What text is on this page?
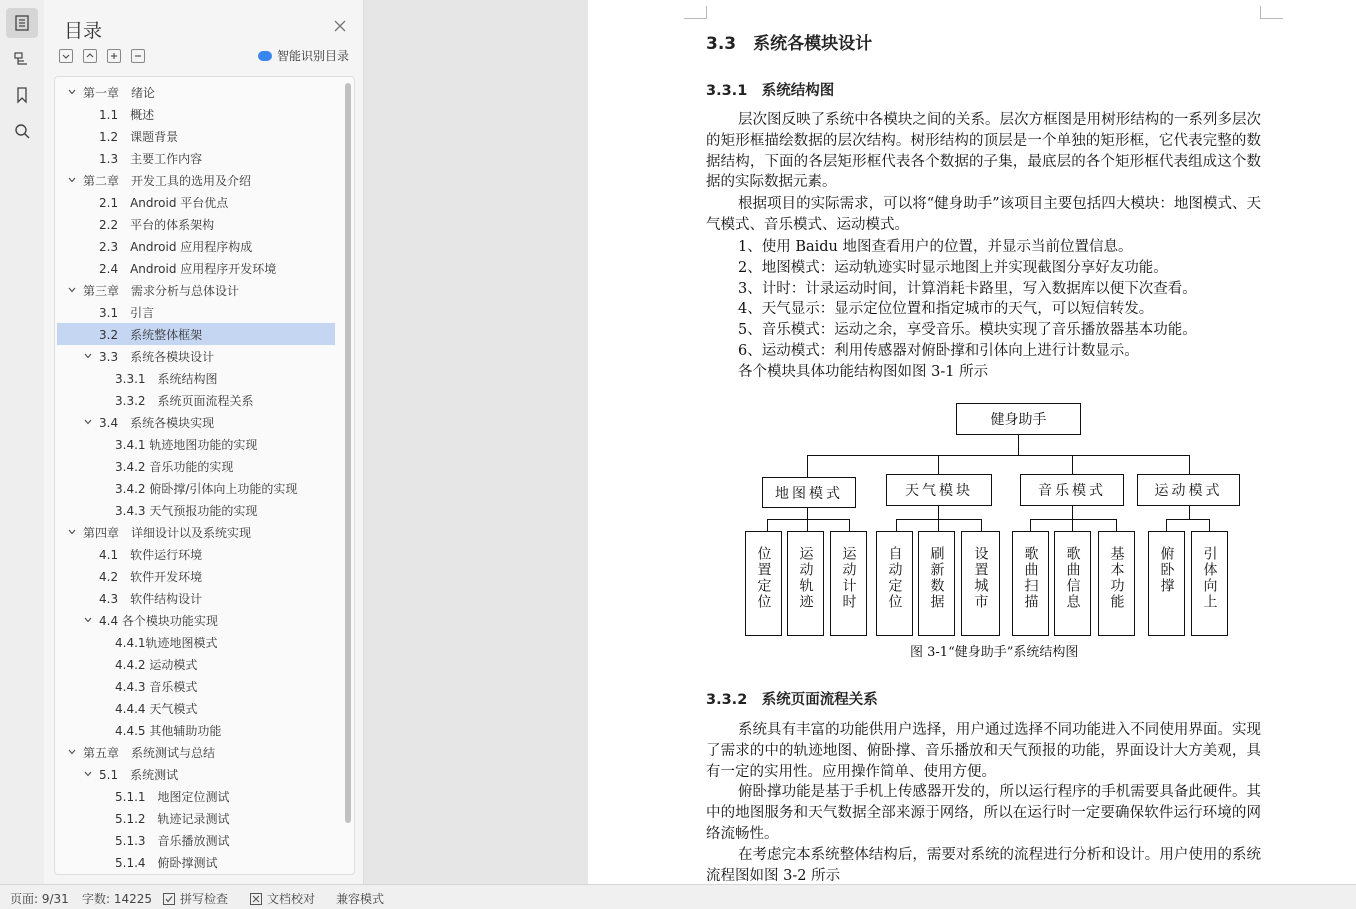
目录
智能识别目录
第一章　绪论
1.1　概述
1.2　课题背景
1.3　主要工作内容
第二章　开发工具的选用及介绍
2.1　Android 平台优点
2.2　平台的体系架构
2.3　Android 应用程序构成
2.4　Android 应用程序开发环境
第三章　需求分析与总体设计
3.1　引言
3.2　系统整体框架
3.3　系统各模块设计
3.3.1　系统结构图
3.3.2　系统页面流程关系
3.4　系统各模块实现
3.4.1 轨迹地图功能的实现
3.4.2 音乐功能的实现
3.4.2 俯卧撑/引体向上功能的实现
3.4.3 天气预报功能的实现
第四章　详细设计以及系统实现
4.1　软件运行环境
4.2　软件开发环境
4.3　软件结构设计
4.4 各个模块功能实现
4.4.1轨迹地图模式
4.4.2 运动模式
4.4.3 音乐模式
4.4.4 天气模式
4.4.5 其他辅助功能
第五章　系统测试与总结
5.1　系统测试
5.1.1　地图定位测试
5.1.2　轨迹记录测试
5.1.3　音乐播放测试
5.1.4　俯卧撑测试
3.3　系统各模块设计
3.3.1　系统结构图
层次图反映了系统中各模块之间的关系。层次方框图是用树形结构的一系列多层次的矩形框描绘数据的层次结构。树形结构的顶层是一个单独的矩形框，它代表完整的数据结构，下面的各层矩形框代表各个数据的子集，最底层的各个矩形框代表组成这个数据的实际数据元素。
根据项目的实际需求，可以将“健身助手”该项目主要包括四大模块：地图模式、天气模式、音乐模式、运动模式。
1、使用 Baidu 地图查看用户的位置，并显示当前位置信息。
2、地图模式：运动轨迹实时显示地图上并实现截图分享好友功能。
3、计时：计录运动时间，计算消耗卡路里，写入数据库以便下次查看。
4、天气显示：显示定位位置和指定城市的天气，可以短信转发。
5、音乐模式：运动之余，享受音乐。模块实现了音乐播放器基本功能。
6、运动模式：利用传感器对俯卧撑和引体向上进行计数显示。
各个模块具体功能结构图如图 3-1 所示
健身助手
地图模式	天气模块	音乐模式	运动模式
位置定位 运动轨迹 运动计时 自动定位 刷新数据 设置城市 歌曲扫描 歌曲信息 基本功能 俯卧撑 引体向上
图 3-1“健身助手”系统结构图
3.3.2　系统页面流程关系
系统具有丰富的功能供用户选择，用户通过选择不同功能进入不同使用界面。实现了需求的中的轨迹地图、俯卧撑、音乐播放和天气预报的功能，界面设计大方美观，具有一定的实用性。应用操作简单、使用方便。
俯卧撑功能是基于手机上传感器开发的，所以运行程序的手机需要具备此硬件。其中的地图服务和天气数据全部来源于网络，所以在运行时一定要确保软件运行环境的网络流畅性。
在考虑完本系统整体结构后，需要对系统的流程进行分析和设计。用户使用的系统流程图如图 3-2 所示
页面: 9/31 字数: 14225 拼写检查	文档校对 兼容模式
